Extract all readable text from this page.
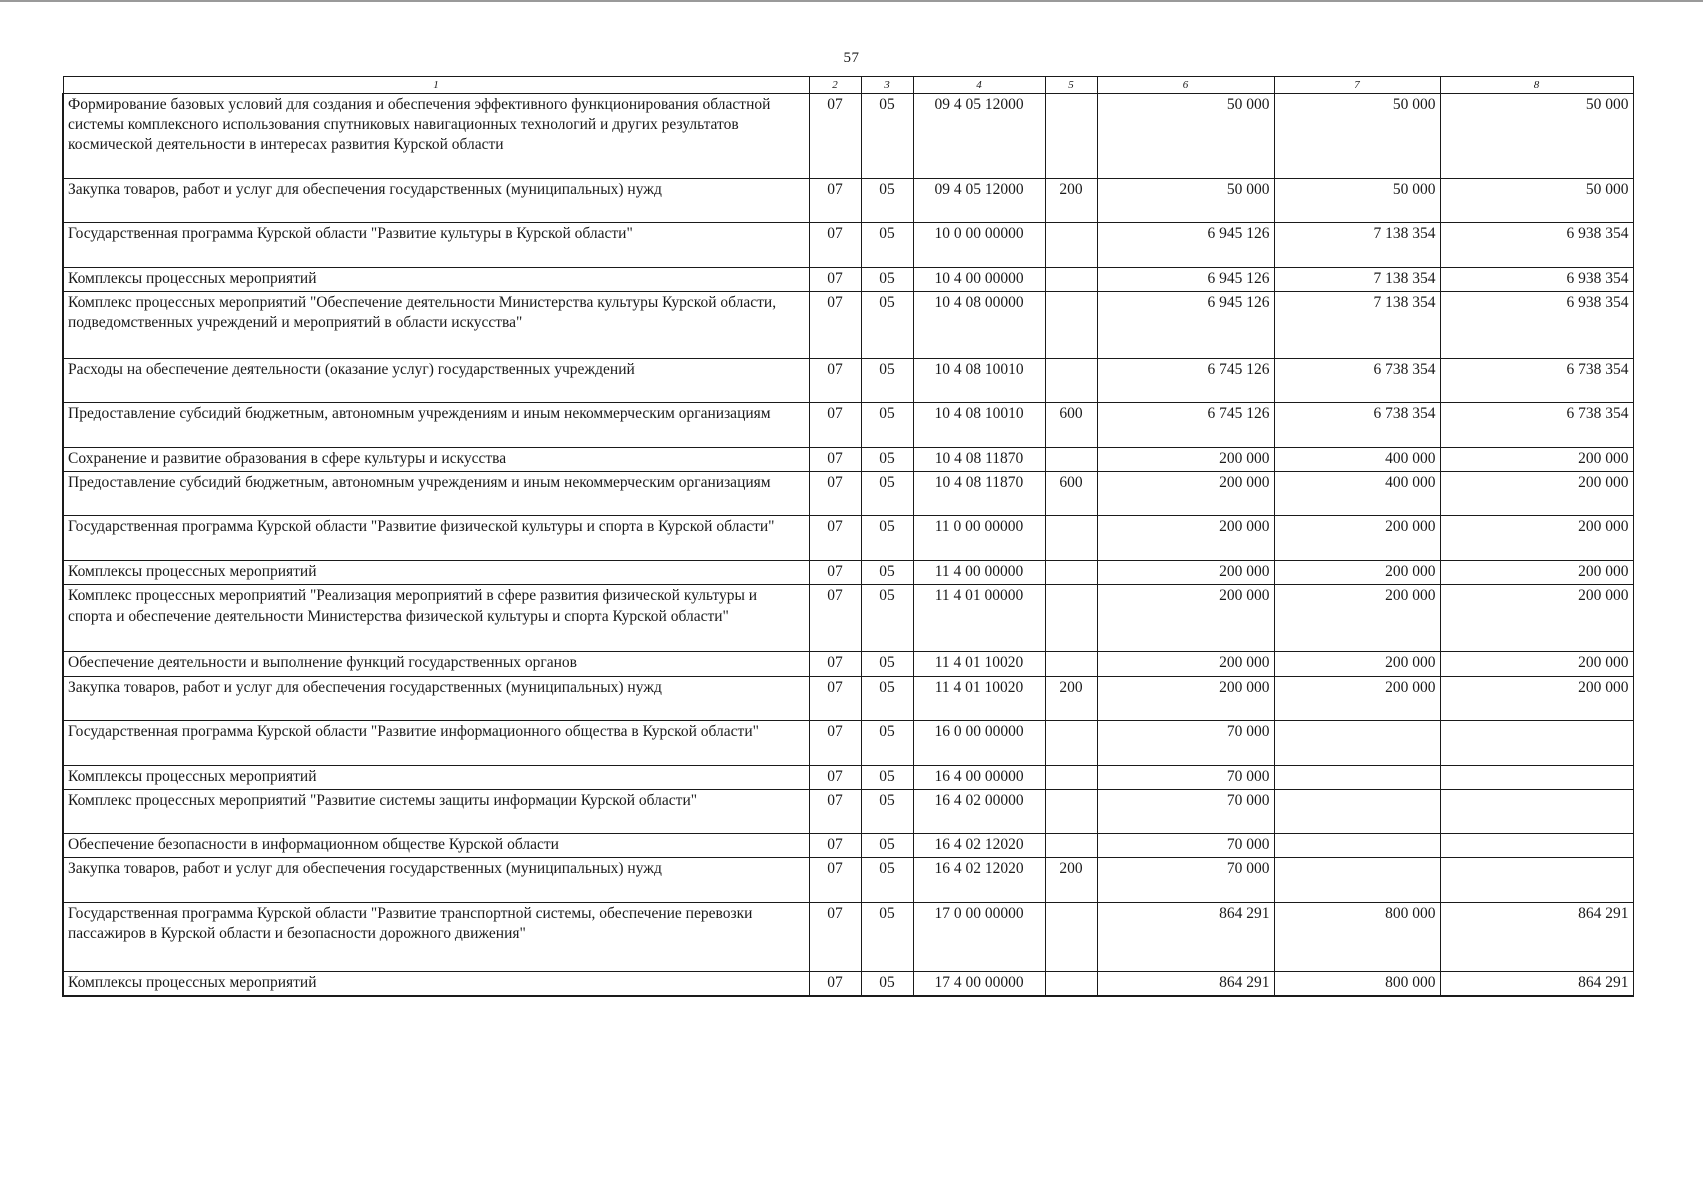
57
1	2	3	4	5	6	7	8
Формирование базовых условий для создания и обеспечения эффективного функционирования областной системы комплексного использования спутниковых навигационных технологий и других результатов космической деятельности в интересах развития Курской области	07	05	09 4 05 12000		50 000	50 000	50 000
Закупка товаров, работ и услуг для обеспечения государственных (муниципальных) нужд	07	05	09 4 05 12000	200	50 000	50 000	50 000
Государственная программа Курской области "Развитие культуры в Курской области"	07	05	10 0 00 00000		6 945 126	7 138 354	6 938 354
Комплексы процессных мероприятий	07	05	10 4 00 00000		6 945 126	7 138 354	6 938 354
Комплекс процессных мероприятий "Обеспечение деятельности Министерства культуры Курской области, подведомственных учреждений и мероприятий в области искусства"	07	05	10 4 08 00000		6 945 126	7 138 354	6 938 354
Расходы на обеспечение деятельности (оказание услуг) государственных учреждений	07	05	10 4 08 10010		6 745 126	6 738 354	6 738 354
Предоставление субсидий бюджетным, автономным учреждениям и иным некоммерческим организациям	07	05	10 4 08 10010	600	6 745 126	6 738 354	6 738 354
Сохранение и развитие образования в сфере культуры и искусства	07	05	10 4 08 11870		200 000	400 000	200 000
Предоставление субсидий бюджетным, автономным учреждениям и иным некоммерческим организациям	07	05	10 4 08 11870	600	200 000	400 000	200 000
Государственная программа Курской области "Развитие физической культуры и спорта в Курской области"	07	05	11 0 00 00000		200 000	200 000	200 000
Комплексы процессных мероприятий	07	05	11 4 00 00000		200 000	200 000	200 000
Комплекс процессных мероприятий "Реализация мероприятий в сфере развития физической культуры и спорта и обеспечение деятельности Министерства физической культуры и спорта Курской области"	07	05	11 4 01 00000		200 000	200 000	200 000
Обеспечение деятельности и выполнение функций государственных органов	07	05	11 4 01 10020		200 000	200 000	200 000
Закупка товаров, работ и услуг для обеспечения государственных (муниципальных) нужд	07	05	11 4 01 10020	200	200 000	200 000	200 000
Государственная программа Курской области "Развитие информационного общества в Курской области"	07	05	16 0 00 00000		70 000		
Комплексы процессных мероприятий	07	05	16 4 00 00000		70 000		
Комплекс процессных мероприятий "Развитие системы защиты информации Курской области"	07	05	16 4 02 00000		70 000		
Обеспечение безопасности в информационном обществе Курской области	07	05	16 4 02 12020		70 000		
Закупка товаров, работ и услуг для обеспечения государственных (муниципальных) нужд	07	05	16 4 02 12020	200	70 000		
Государственная программа Курской области "Развитие транспортной системы, обеспечение перевозки пассажиров в Курской области и безопасности дорожного движения"	07	05	17 0 00 00000		864 291	800 000	864 291
Комплексы процессных мероприятий	07	05	17 4 00 00000		864 291	800 000	864 291
